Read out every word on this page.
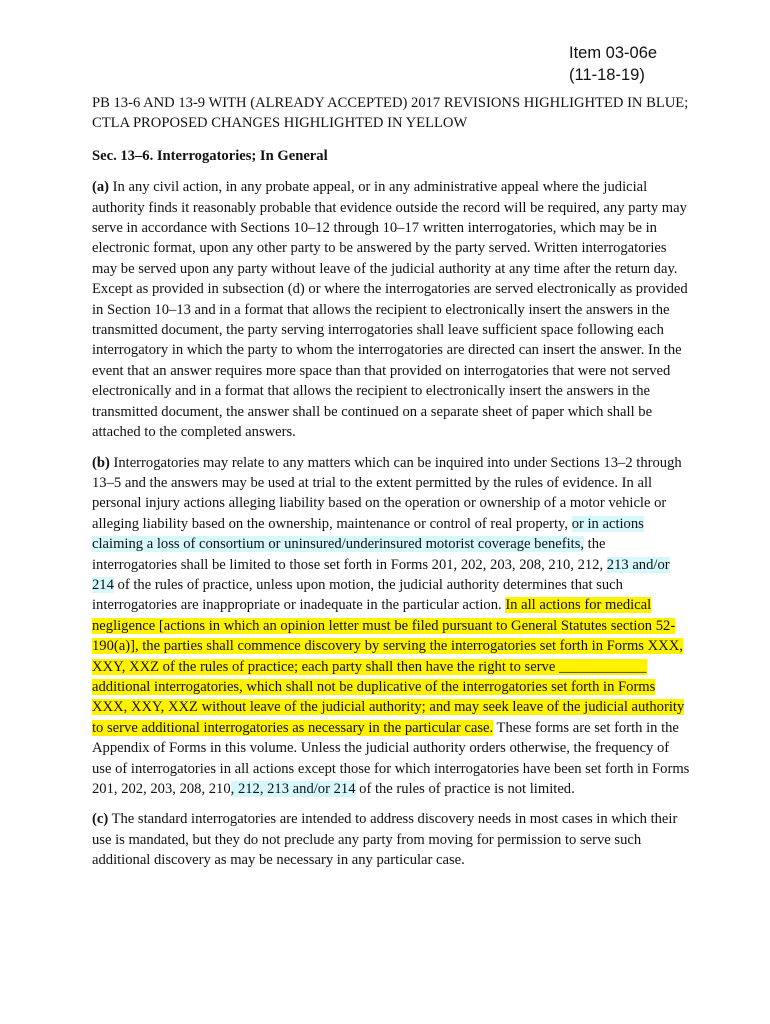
Item 03-06e
(11-18-19)

PB 13-6 AND 13-9 WITH (ALREADY ACCEPTED) 2017 REVISIONS HIGHLIGHTED IN BLUE; CTLA PROPOSED CHANGES HIGHLIGHTED IN YELLOW

Sec. 13–6. Interrogatories; In General

(a) In any civil action, in any probate appeal, or in any administrative appeal where the judicial authority finds it reasonably probable that evidence outside the record will be required, any party may serve in accordance with Sections 10–12 through 10–17 written interrogatories, which may be in electronic format, upon any other party to be answered by the party served. Written interrogatories may be served upon any party without leave of the judicial authority at any time after the return day. Except as provided in subsection (d) or where the interrogatories are served electronically as provided in Section 10–13 and in a format that allows the recipient to electronically insert the answers in the transmitted document, the party serving interrogatories shall leave sufficient space following each interrogatory in which the party to whom the interrogatories are directed can insert the answer. In the event that an answer requires more space than that provided on interrogatories that were not served electronically and in a format that allows the recipient to electronically insert the answers in the transmitted document, the answer shall be continued on a separate sheet of paper which shall be attached to the completed answers.

(b) Interrogatories may relate to any matters which can be inquired into under Sections 13–2 through 13–5 and the answers may be used at trial to the extent permitted by the rules of evidence. In all personal injury actions alleging liability based on the operation or ownership of a motor vehicle or alleging liability based on the ownership, maintenance or control of real property, or in actions claiming a loss of consortium or uninsured/underinsured motorist coverage benefits, the interrogatories shall be limited to those set forth in Forms 201, 202, 203, 208, 210, 212, 213 and/or 214 of the rules of practice, unless upon motion, the judicial authority determines that such interrogatories are inappropriate or inadequate in the particular action. In all actions for medical negligence [actions in which an opinion letter must be filed pursuant to General Statutes section 52-190(a)], the parties shall commence discovery by serving the interrogatories set forth in Forms XXX, XXY, XXZ of the rules of practice; each party shall then have the right to serve ____________ additional interrogatories, which shall not be duplicative of the interrogatories set forth in Forms XXX, XXY, XXZ without leave of the judicial authority; and may seek leave of the judicial authority to serve additional interrogatories as necessary in the particular case. These forms are set forth in the Appendix of Forms in this volume. Unless the judicial authority orders otherwise, the frequency of use of interrogatories in all actions except those for which interrogatories have been set forth in Forms 201, 202, 203, 208, 210, 212, 213 and/or 214 of the rules of practice is not limited.

(c) The standard interrogatories are intended to address discovery needs in most cases in which their use is mandated, but they do not preclude any party from moving for permission to serve such additional discovery as may be necessary in any particular case.
